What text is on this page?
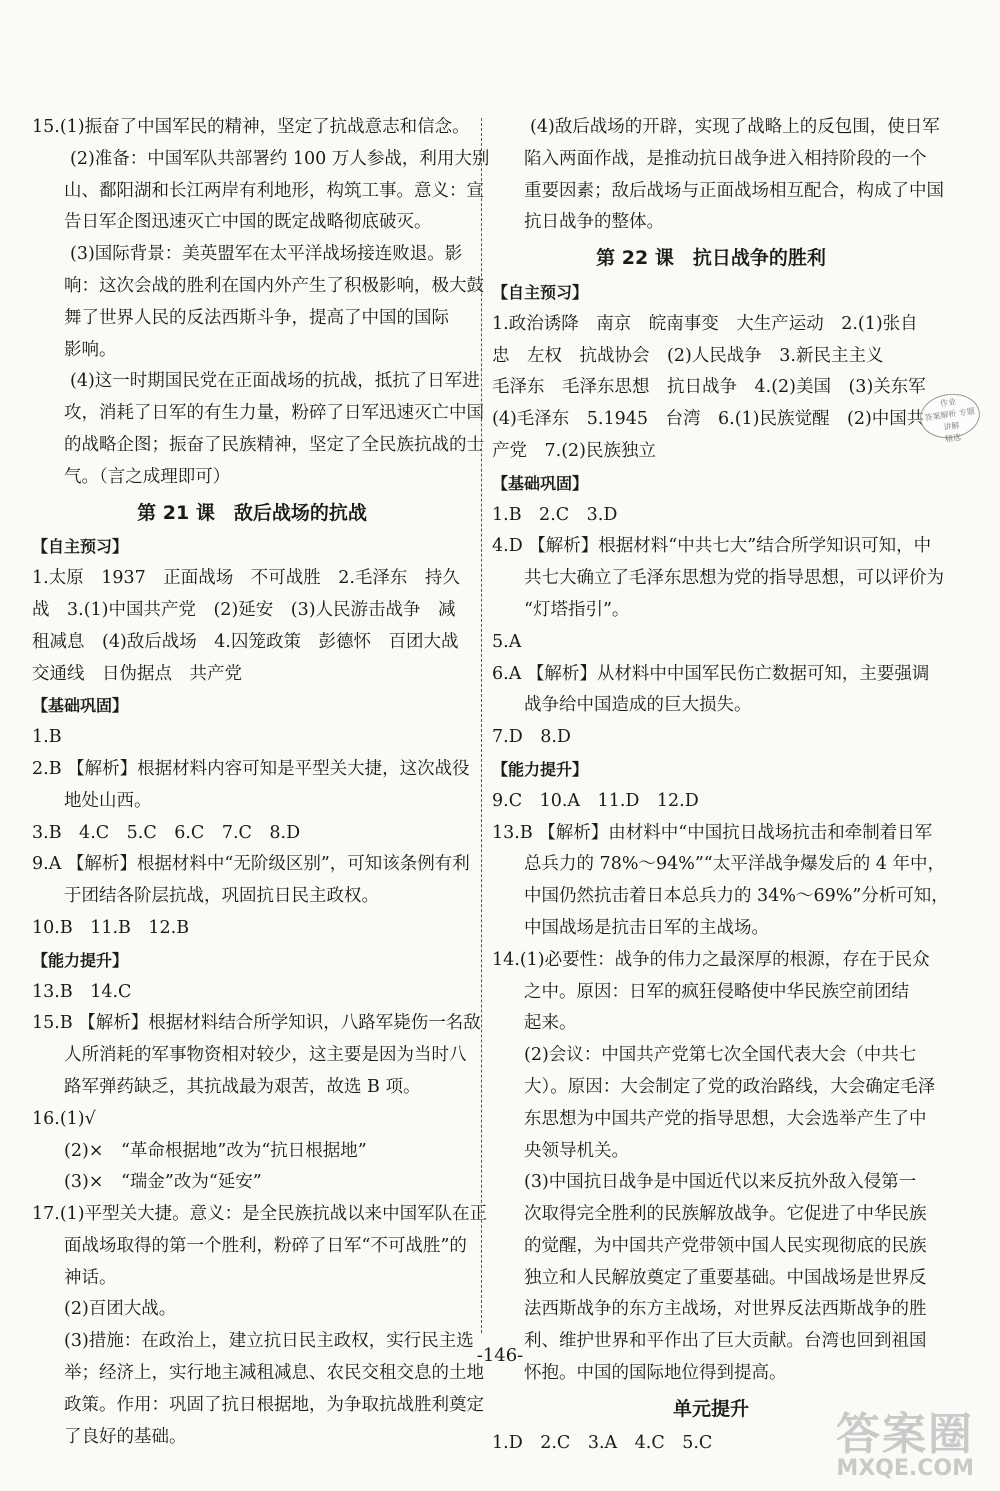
15.(1)振奋了中国军民的精神，坚定了抗战意志和信念。
(2)准备：中国军队共部署约 100 万人参战，利用大别
山、鄱阳湖和长江两岸有利地形，构筑工事。意义：宣
告日军企图迅速灭亡中国的既定战略彻底破灭。
(3)国际背景：美英盟军在太平洋战场接连败退。影
响：这次会战的胜利在国内外产生了积极影响，极大鼓
舞了世界人民的反法西斯斗争，提高了中国的国际
影响。
(4)这一时期国民党在正面战场的抗战，抵抗了日军进
攻，消耗了日军的有生力量，粉碎了日军迅速灭亡中国
的战略企图；振奋了民族精神，坚定了全民族抗战的士
气。（言之成理即可）
第 21 课　敌后战场的抗战
【自主预习】
1.太原　1937　正面战场　不可战胜　2.毛泽东　持久
战　3.(1)中国共产党　(2)延安　(3)人民游击战争　减
租减息　(4)敌后战场　4.囚笼政策　彭德怀　百团大战
交通线　日伪据点　共产党
【基础巩固】
1.B
2.B 【解析】根据材料内容可知是平型关大捷，这次战役
地处山西。
3.B　4.C　5.C　6.C　7.C　8.D
9.A 【解析】根据材料中“无阶级区别”，可知该条例有利
于团结各阶层抗战，巩固抗日民主政权。
10.B　11.B　12.B
【能力提升】
13.B　14.C
15.B 【解析】根据材料结合所学知识，八路军毙伤一名敌
人所消耗的军事物资相对较少，这主要是因为当时八
路军弹药缺乏，其抗战最为艰苦，故选 B 项。
16.(1)√
(2)×　“革命根据地”改为“抗日根据地”
(3)×　“瑞金”改为“延安”
17.(1)平型关大捷。意义：是全民族抗战以来中国军队在正
面战场取得的第一个胜利，粉碎了日军“不可战胜”的
神话。
(2)百团大战。
(3)措施：在政治上，建立抗日民主政权，实行民主选
举；经济上，实行地主减租减息、农民交租交息的土地
政策。作用：巩固了抗日根据地，为争取抗战胜利奠定
了良好的基础。
(4)敌后战场的开辟，实现了战略上的反包围，使日军
陷入两面作战，是推动抗日战争进入相持阶段的一个
重要因素；敌后战场与正面战场相互配合，构成了中国
抗日战争的整体。
第 22 课　抗日战争的胜利
【自主预习】
1.政治诱降　南京　皖南事变　大生产运动　2.(1)张自
忠　左权　抗战协会　(2)人民战争　3.新民主主义
毛泽东　毛泽东思想　抗日战争　4.(2)美国　(3)关东军
(4)毛泽东　5.1945　台湾　6.(1)民族觉醒　(2)中国共
产党　7.(2)民族独立
【基础巩固】
1.B　2.C　3.D
4.D 【解析】根据材料“中共七大”结合所学知识可知，中
共七大确立了毛泽东思想为党的指导思想，可以评价为
“灯塔指引”。
5.A
6.A 【解析】从材料中中国军民伤亡数据可知，主要强调
战争给中国造成的巨大损失。
7.D　8.D
【能力提升】
9.C　10.A　11.D　12.D
13.B 【解析】由材料中“中国抗日战场抗击和牵制着日军
总兵力的 78%～94%”“太平洋战争爆发后的 4 年中，
中国仍然抗击着日本总兵力的 34%～69%”分析可知，
中国战场是抗击日军的主战场。
14.(1)必要性：战争的伟力之最深厚的根源，存在于民众
之中。原因：日军的疯狂侵略使中华民族空前团结
起来。
(2)会议：中国共产党第七次全国代表大会（中共七
大）。原因：大会制定了党的政治路线，大会确定毛泽
东思想为中国共产党的指导思想，大会选举产生了中
央领导机关。
(3)中国抗日战争是中国近代以来反抗外敌入侵第一
次取得完全胜利的民族解放战争。它促进了中华民族
的觉醒，为中国共产党带领中国人民实现彻底的民族
独立和人民解放奠定了重要基础。中国战场是世界反
法西斯战争的东方主战场，对世界反法西斯战争的胜
利、维护世界和平作出了巨大贡献。台湾也回到祖国
怀抱。中国的国际地位得到提高。
单元提升
1.D　2.C　3.A　4.C　5.C
作业
答案解析 专题讲解
精选
-146-
答案圈
MXQE.COM
